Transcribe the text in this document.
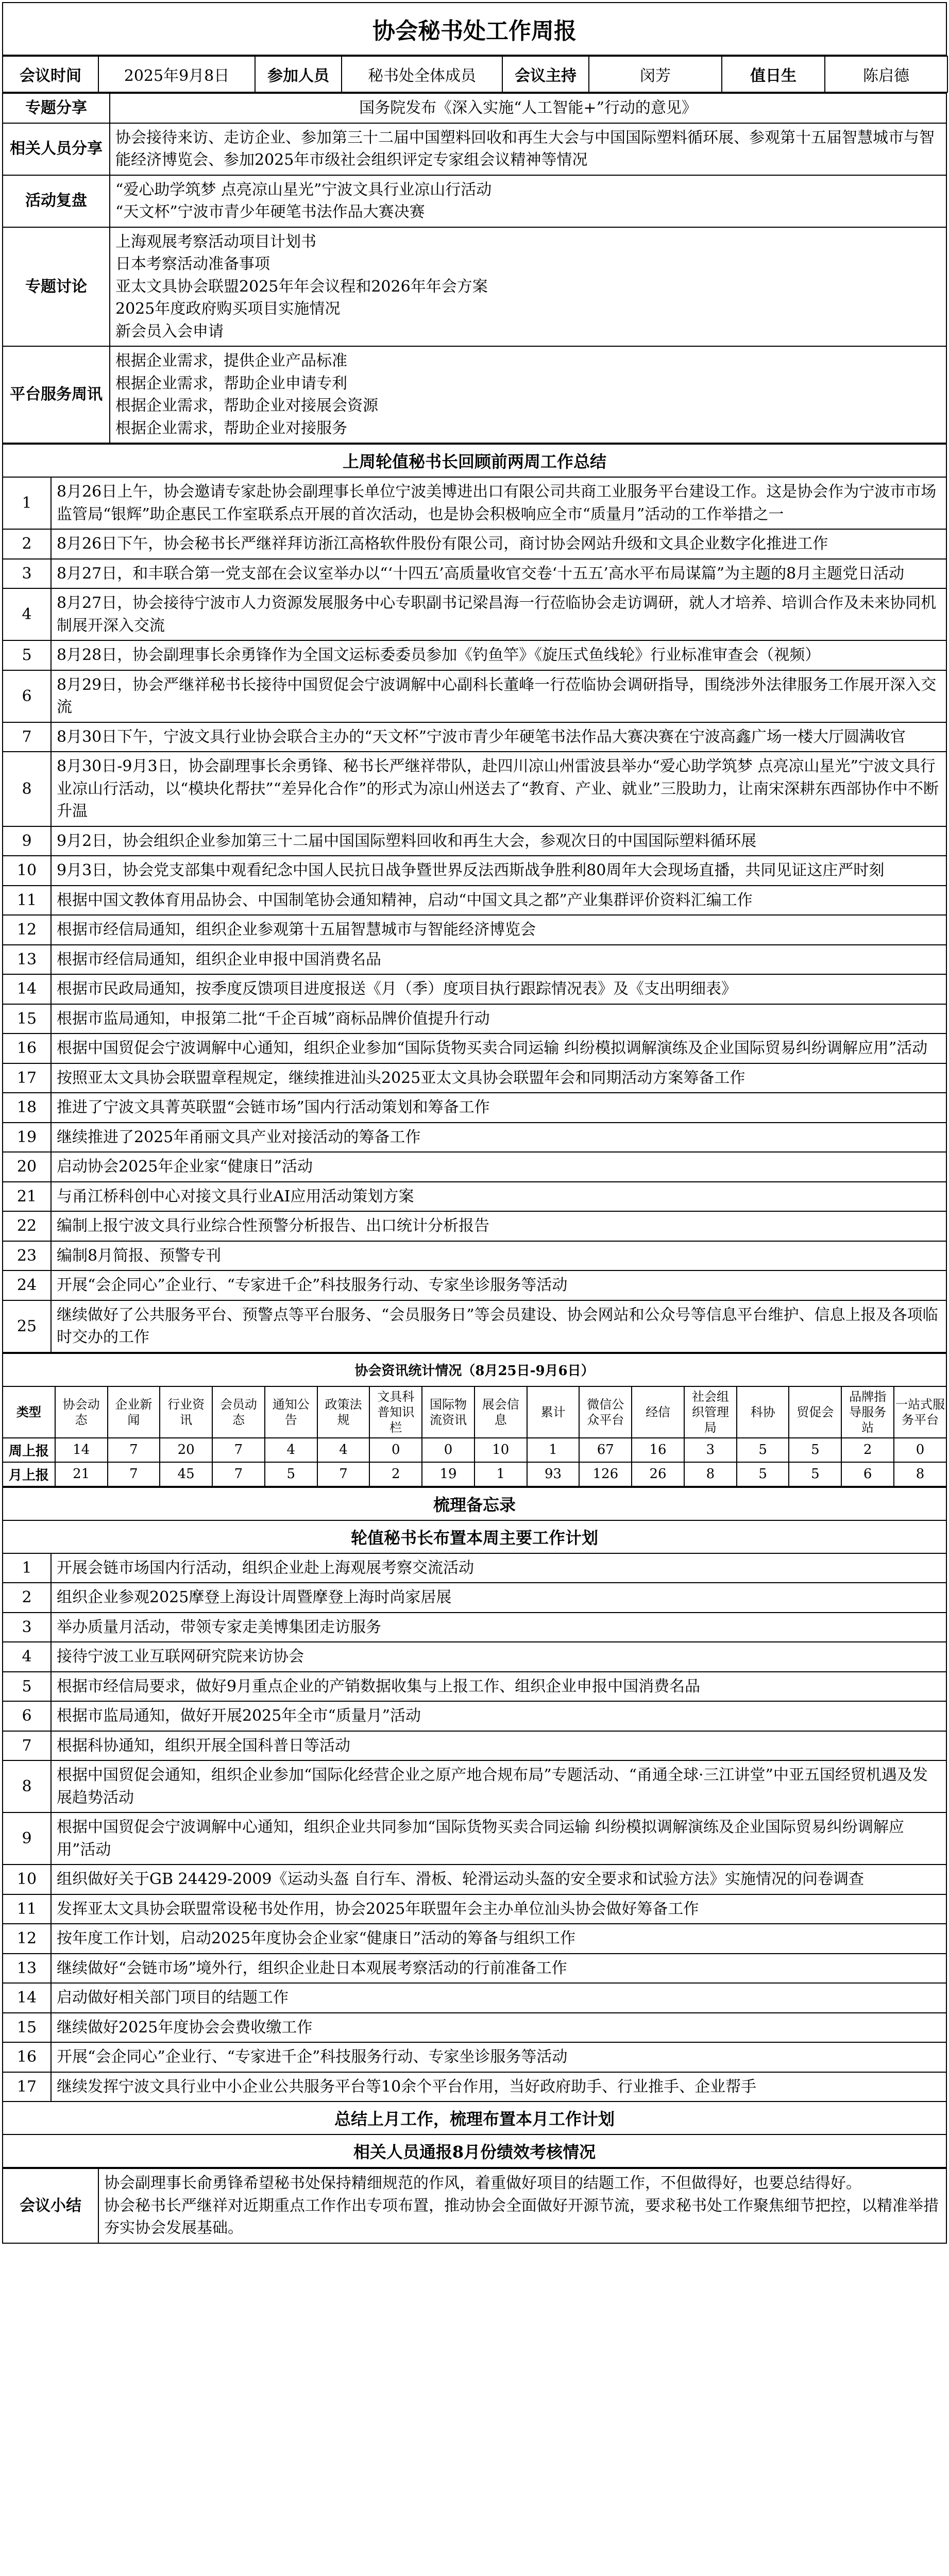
协会秘书处工作周报
会议时间	2025年9月8日	参加人员	秘书处全体成员	会议主持	闵芳	值日生	陈启德
专题分享	国务院发布《深入实施“人工智能+”行动的意见》

相关人员分享	协会接待来访、走访企业、参加第三十二届中国塑料回收和再生大会与中国国际塑料循环展、参观第十五届智慧城市与智能经济博览会、参加2025年市级社会组织评定专家组会议精神等情况

活动复盘	“爱心助学筑梦 点亮凉山星光”宁波文具行业凉山行活动
“天文杯”宁波市青少年硬笔书法作品大赛决赛

专题讨论	上海观展考察活动项目计划书
日本考察活动准备事项
亚太文具协会联盟2025年年会议程和2026年年会方案
2025年度政府购买项目实施情况
新会员入会申请

平台服务周讯	根据企业需求，提供企业产品标准
根据企业需求，帮助企业申请专利
根据企业需求，帮助企业对接展会资源
根据企业需求，帮助企业对接服务
上周轮值秘书长回顾前两周工作总结	
1	8月26日上午，协会邀请专家赴协会副理事长单位宁波美博进出口有限公司共商工业服务平台建设工作。这是协会作为宁波市市场监管局“银辉”助企惠民工作室联系点开展的首次活动，也是协会积极响应全市“质量月”活动的工作举措之一
2	8月26日下午，协会秘书长严继祥拜访浙江高格软件股份有限公司，商讨协会网站升级和文具企业数字化推进工作
3	8月27日，和丰联合第一党支部在会议室举办以“‘十四五’高质量收官交卷‘十五五’高水平布局谋篇”为主题的8月主题党日活动
4	8月27日，协会接待宁波市人力资源发展服务中心专职副书记梁昌海一行莅临协会走访调研，就人才培养、培训合作及未来协同机制展开深入交流
5	8月28日，协会副理事长余勇锋作为全国文运标委委员参加《钓鱼竿》《旋压式鱼线轮》行业标准审查会（视频）
6	8月29日，协会严继祥秘书长接待中国贸促会宁波调解中心副科长董峰一行莅临协会调研指导，围绕涉外法律服务工作展开深入交流
7	8月30日下午，宁波文具行业协会联合主办的“天文杯”宁波市青少年硬笔书法作品大赛决赛在宁波高鑫广场一楼大厅圆满收官
8	8月30日-9月3日，协会副理事长余勇锋、秘书长严继祥带队，赴四川凉山州雷波县举办“爱心助学筑梦 点亮凉山星光”宁波文具行业凉山行活动，以“模块化帮扶”“差异化合作”的形式为凉山州送去了“教育、产业、就业”三股助力，让南宋深耕东西部协作中不断升温
9	9月2日，协会组织企业参加第三十二届中国国际塑料回收和再生大会，参观次日的中国国际塑料循环展
10	9月3日，协会党支部集中观看纪念中国人民抗日战争暨世界反法西斯战争胜利80周年大会现场直播，共同见证这庄严时刻
11	根据中国文教体育用品协会、中国制笔协会通知精神，启动“中国文具之都”产业集群评价资料汇编工作
12	根据市经信局通知，组织企业参观第十五届智慧城市与智能经济博览会
13	根据市经信局通知，组织企业申报中国消费名品
14	根据市民政局通知，按季度反馈项目进度报送《月（季）度项目执行跟踪情况表》及《支出明细表》
15	根据市监局通知，申报第二批“千企百城”商标品牌价值提升行动
16	根据中国贸促会宁波调解中心通知，组织企业参加“国际货物买卖合同运输 纠纷模拟调解演练及企业国际贸易纠纷调解应用”活动
17	按照亚太文具协会联盟章程规定，继续推进汕头2025亚太文具协会联盟年会和同期活动方案筹备工作
18	推进了宁波文具菁英联盟“会链市场”国内行活动策划和筹备工作
19	继续推进了2025年甬丽文具产业对接活动的筹备工作
20	启动协会2025年企业家“健康日”活动
21	与甬江桥科创中心对接文具行业AI应用活动策划方案
22	编制上报宁波文具行业综合性预警分析报告、出口统计分析报告
23	编制8月简报、预警专刊
24	开展“会企同心”企业行、“专家进千企”科技服务行动、专家坐诊服务等活动
25	继续做好了公共服务平台、预警点等平台服务、“会员服务日”等会员建设、协会网站和公众号等信息平台维护、信息上报及各项临时交办的工作
协会资讯统计情况（8月25日-9月6日）																	
类型	协会动态	企业新闻	行业资讯	会员动态	通知公告	政策法规	文具科普知识栏	国际物流资讯	展会信息	累计	微信公众平台	经信	社会组织管理局	科协	贸促会	品牌指导服务站	一站式服务平台
周上报	14	7	20	7	4	4	0	0	10	1	67	16	3	5	5	2	0
月上报	21	7	45	7	5	7	2	19	1	93	126	26	8	5	5	6	8
梳理备忘录	
轮值秘书长布置本周主要工作计划	
1	开展会链市场国内行活动，组织企业赴上海观展考察交流活动
2	组织企业参观2025摩登上海设计周暨摩登上海时尚家居展
3	举办质量月活动，带领专家走美博集团走访服务
4	接待宁波工业互联网研究院来访协会
5	根据市经信局要求，做好9月重点企业的产销数据收集与上报工作、组织企业申报中国消费名品
6	根据市监局通知，做好开展2025年全市“质量月”活动
7	根据科协通知，组织开展全国科普日等活动
8	根据中国贸促会通知，组织企业参加“国际化经营企业之原产地合规布局”专题活动、“甬通全球·三江讲堂”中亚五国经贸机遇及发展趋势活动
9	根据中国贸促会宁波调解中心通知，组织企业共同参加“国际货物买卖合同运输 纠纷模拟调解演练及企业国际贸易纠纷调解应用”活动
10	组织做好关于GB 24429-2009《运动头盔 自行车、滑板、轮滑运动头盔的安全要求和试验方法》实施情况的问卷调查
11	发挥亚太文具协会联盟常设秘书处作用，协会2025年联盟年会主办单位汕头协会做好筹备工作
12	按年度工作计划，启动2025年度协会企业家“健康日”活动的筹备与组织工作
13	继续做好“会链市场”境外行，组织企业赴日本观展考察活动的行前准备工作
14	启动做好相关部门项目的结题工作
15	继续做好2025年度协会会费收缴工作
16	开展“会企同心”企业行、“专家进千企”科技服务行动、专家坐诊服务等活动
17	继续发挥宁波文具行业中小企业公共服务平台等10余个平台作用，当好政府助手、行业推手、企业帮手
总结上月工作，梳理布置本月工作计划	
相关人员通报8月份绩效考核情况	
会议小结	
协会副理事长俞勇锋希望秘书处保持精细规范的作风，着重做好项目的结题工作，不但做得好，也要总结得好。
协会秘书长严继祥对近期重点工作作出专项布置，推动协会全面做好开源节流，要求秘书处工作聚焦细节把控，以精准举措夯实协会发展基础。
